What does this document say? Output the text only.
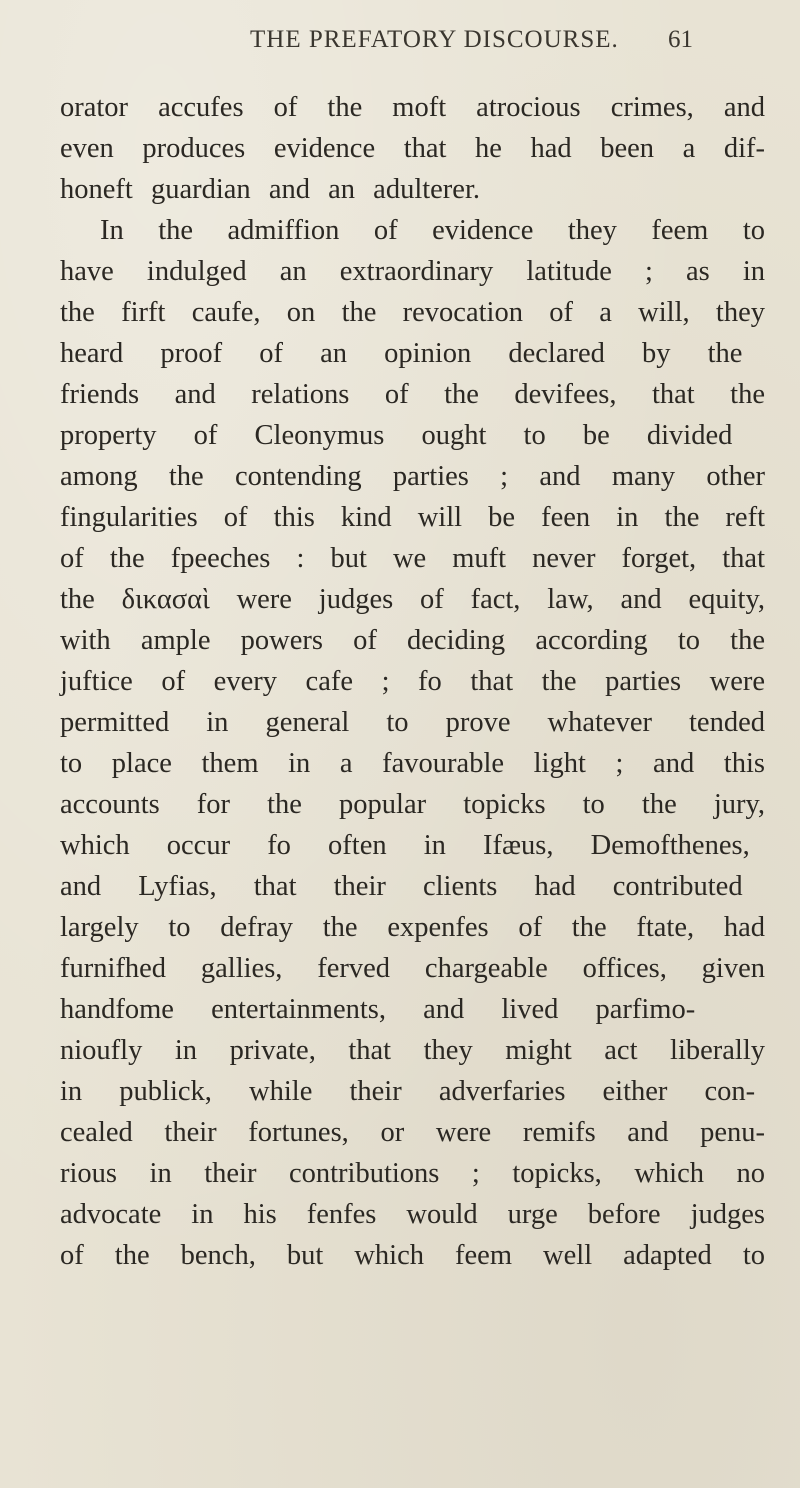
THE PREFATORY DISCOURSE. 61
orator accufes of the moft atrocious crimes, and
even produces evidence that he had been a dif-
honeft guardian and an adulterer.
In the admiffion of evidence they feem to
have indulged an extraordinary latitude ; as in
the firft caufe, on the revocation of a will, they
heard proof of an opinion declared by the
friends and relations of the devifees, that the
property of Cleonymus ought to be divided
among the contending parties ; and many other
fingularities of this kind will be feen in the reft
of the fpeeches : but we muft never forget, that
the δικασαὶ were judges of fact, law, and equity,
with ample powers of deciding according to the
juftice of every cafe ; fo that the parties were
permitted in general to prove whatever tended
to place them in a favourable light ; and this
accounts for the popular topicks to the jury,
which occur fo often in Ifæus, Demofthenes,
and Lyfias, that their clients had contributed
largely to defray the expenfes of the ftate, had
furnifhed gallies, ferved chargeable offices, given
handfome entertainments, and lived parfimo-
nioufly in private, that they might act liberally
in publick, while their adverfaries either con-
cealed their fortunes, or were remifs and penu-
rious in their contributions ; topicks, which no
advocate in his fenfes would urge before judges
of the bench, but which feem well adapted to
